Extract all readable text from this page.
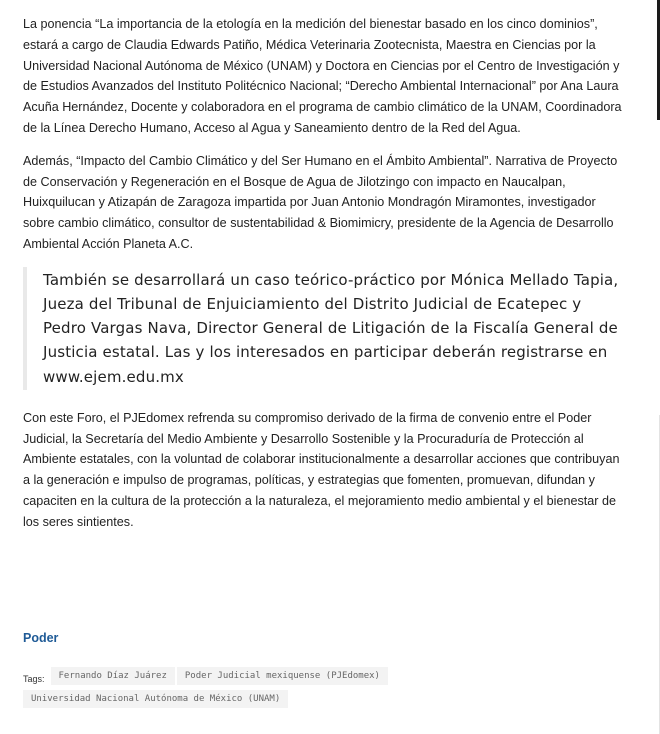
La ponencia “La importancia de la etología en la medición del bienestar basado en los cinco dominios”, estará a cargo de Claudia Edwards Patiño, Médica Veterinaria Zootecnista, Maestra en Ciencias por la Universidad Nacional Autónoma de México (UNAM) y Doctora en Ciencias por el Centro de Investigación y de Estudios Avanzados del Instituto Politécnico Nacional; “Derecho Ambiental Internacional” por Ana Laura Acuña Hernández, Docente y colaboradora en el programa de cambio climático de la UNAM, Coordinadora de la Línea Derecho Humano, Acceso al Agua y Saneamiento dentro de la Red del Agua.

Además, “Impacto del Cambio Climático y del Ser Humano en el Ámbito Ambiental”. Narrativa de Proyecto de Conservación y Regeneración en el Bosque de Agua de Jilotzingo con impacto en Naucalpan, Huixquilucan y Atizapán de Zaragoza impartida por Juan Antonio Mondragón Miramontes, investigador sobre cambio climático, consultor de sustentabilidad & Biomimicry, presidente de la Agencia de Desarrollo Ambiental Acción Planeta A.C.

También se desarrollará un caso teórico-práctico por Mónica Mellado Tapia, Jueza del Tribunal de Enjuiciamiento del Distrito Judicial de Ecatepec y Pedro Vargas Nava, Director General de Litigación de la Fiscalía General de Justicia estatal. Las y los interesados en participar deberán registrarse en www.ejem.edu.mx

Con este Foro, el PJEdomex refrenda su compromiso derivado de la firma de convenio entre el Poder Judicial, la Secretaría del Medio Ambiente y Desarrollo Sostenible y la Procuraduría de Protección al Ambiente estatales, con la voluntad de colaborar institucionalmente a desarrollar acciones que contribuyan a la generación e impulso de programas, políticas, y estrategias que fomenten, promuevan, difundan y capaciten en la cultura de la protección a la naturaleza, el mejoramiento medio ambiental y el bienestar de los seres sintientes.

Poder
Tags: Fernando Díaz Juárez Poder Judicial mexiquense (PJEdomex)
Universidad Nacional Autónoma de México (UNAM)
